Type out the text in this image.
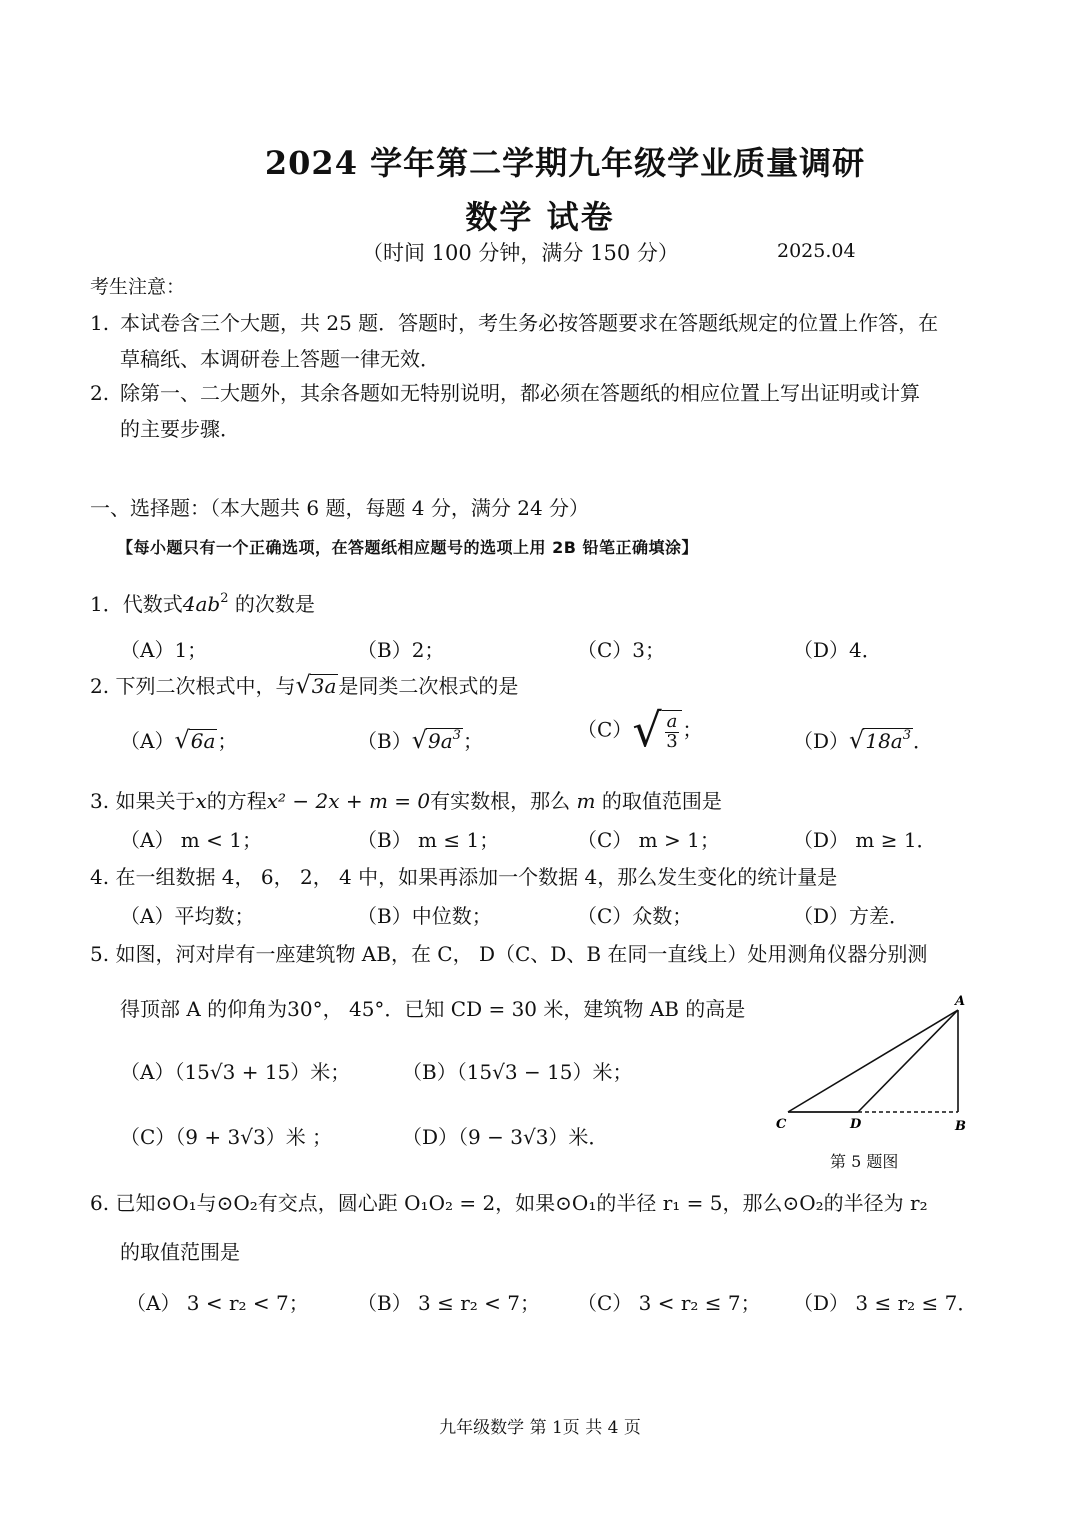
2024 学年第二学期九年级学业质量调研
数学 试卷
（时间 100 分钟，满分 150 分）	2025.04
考生注意：
1. 本试卷含三个大题，共 25 题．答题时，考生务必按答题要求在答题纸规定的位置上作答，在
草稿纸、本调研卷上答题一律无效．
2. 除第一、二大题外，其余各题如无特别说明，都必须在答题纸的相应位置上写出证明或计算
的主要步骤．
一、选择题：（本大题共 6 题，每题 4 分，满分 24 分）
【每小题只有一个正确选项，在答题纸相应题号的选项上用 2B 铅笔正确填涂】
1．代数式$4ab^2$ 的次数是
（A）1；	（B）2；	（C）3；	（D）4．
2. 下列二次根式中，与 √ 3a 是同类二次根式的是
（A） √ 6a ；	（B） √ $9a^3$ ；	（C） √ $\frac{a}{3}$ ；	（D） √ $18a^3$ ．
3. 如果关于x的方程x² − 2x + m = 0有实数根，那么 m 的取值范围是
（A） m < 1；	（B） m ≤ 1；	（C） m > 1；	（D） m ≥ 1．
4. 在一组数据 4， 6， 2， 4 中，如果再添加一个数据 4，那么发生变化的统计量是
（A）平均数；	（B）中位数；	（C）众数；	（D）方差．
5. 如图，河对岸有一座建筑物 AB，在 C， D（C、D、B 在同一直线上）处用测角仪器分别测
得顶部 A 的仰角为30°， 45°．已知 CD = 30 米，建筑物 AB 的高是
（A）（15√3 + 15）米；	（B）（15√3 − 15）米；
（C）（9 + 3√3）米 ；	（D）（9 − 3√3）米．
A
B
C	D
第 5 题图
6. 已知⊙O₁与⊙O₂有交点，圆心距 O₁O₂ = 2，如果⊙O₁的半径 r₁ = 5，那么⊙O₂的半径为 r₂
的取值范围是
（A） 3 < r₂ < 7； （B） 3 ≤ r₂ < 7； （C） 3 < r₂ ≤ 7； （D） 3 ≤ r₂ ≤ 7．
九年级数学 第 1页 共 4 页
